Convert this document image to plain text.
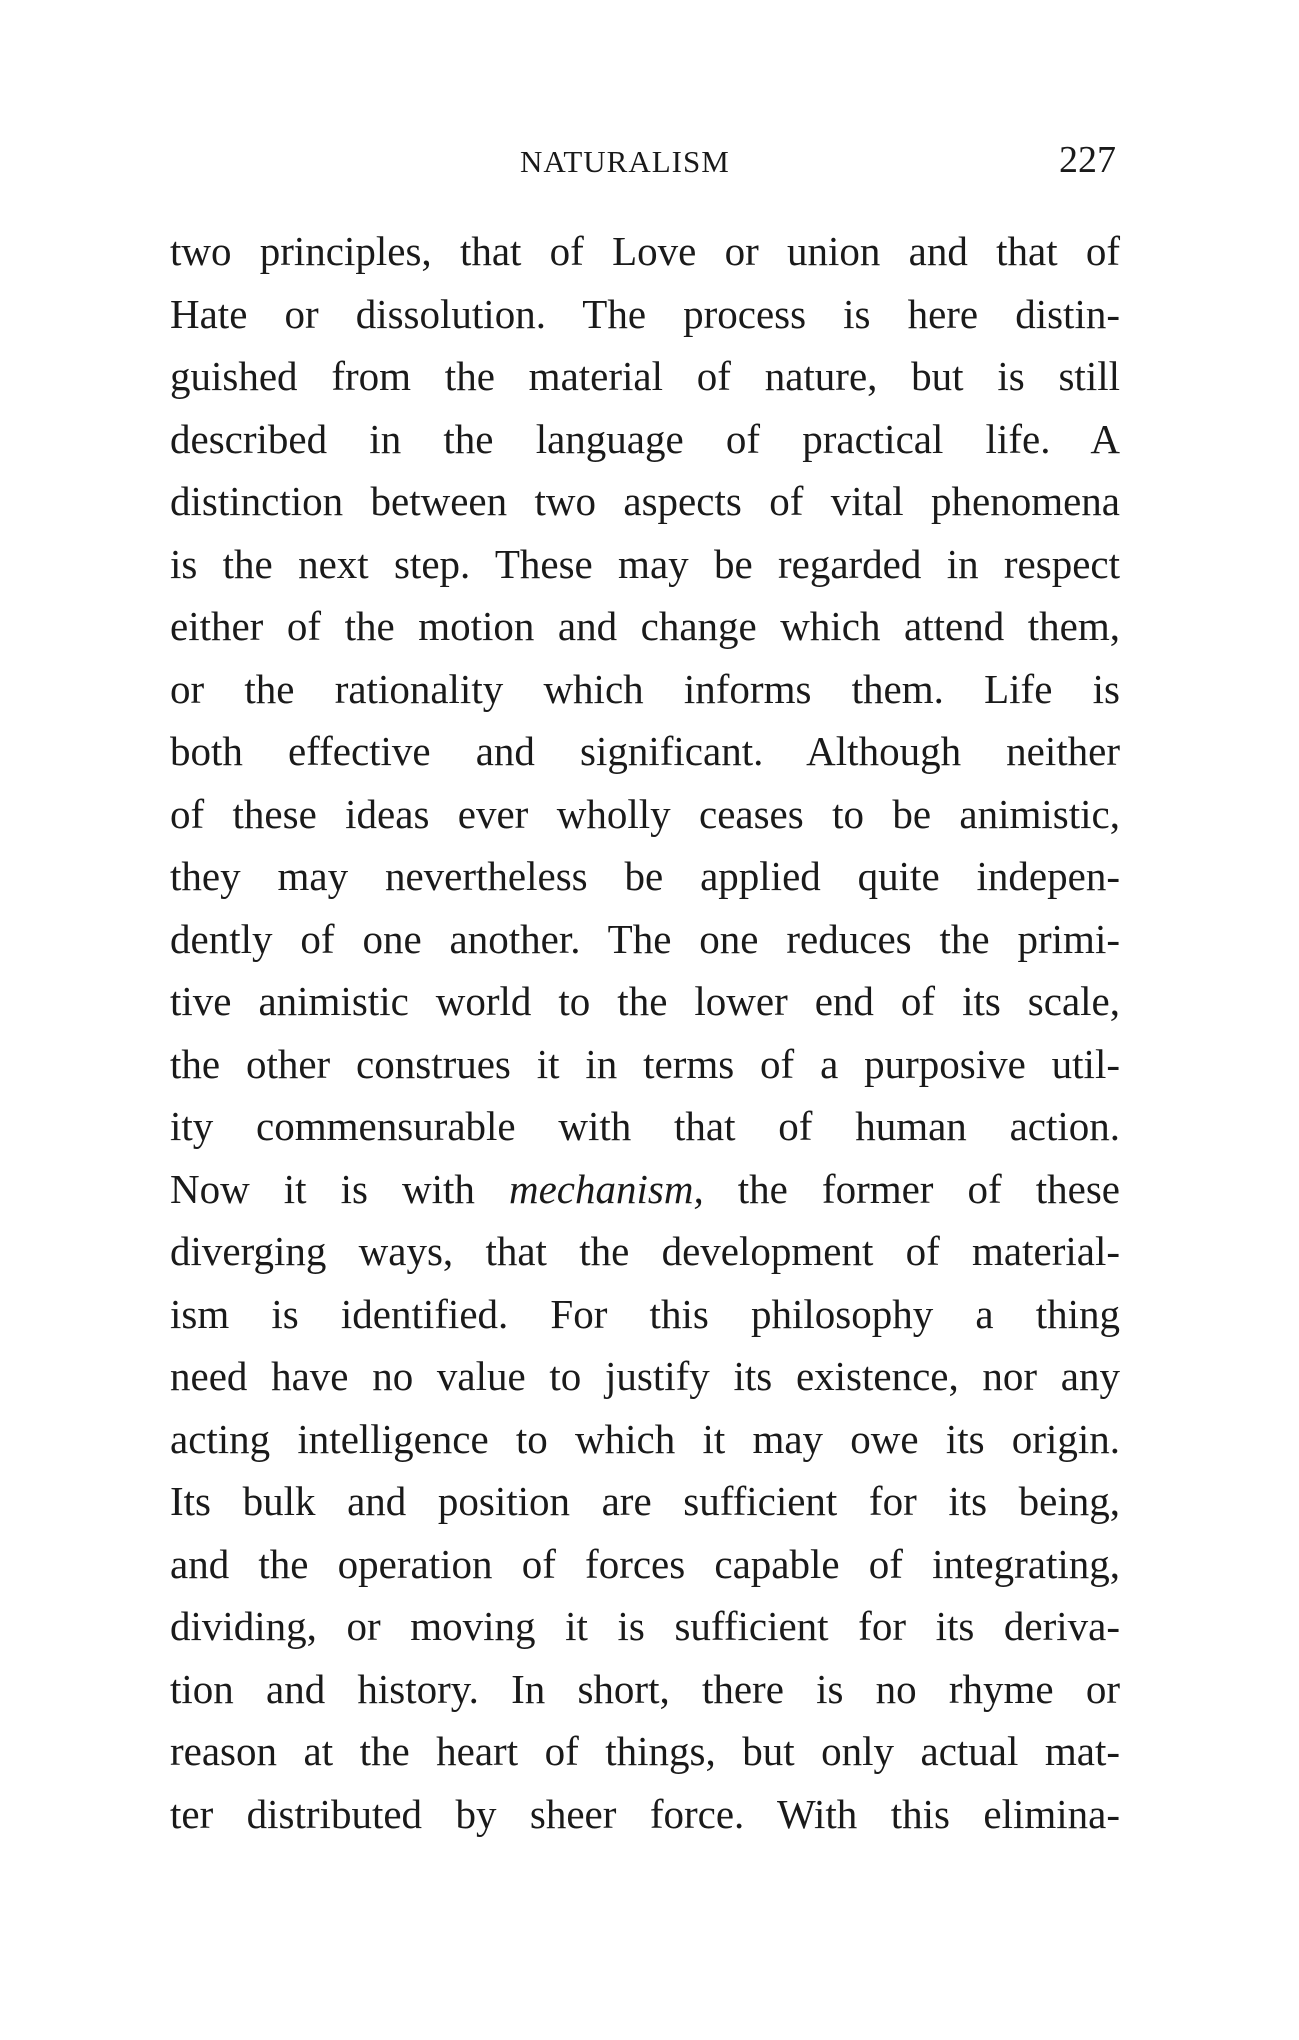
NATURALISM	227
two principles, that of Love or union and that of
Hate or dissolution. The process is here distin-
guished from the material of nature, but is still
described in the language of practical life. A
distinction between two aspects of vital phenomena
is the next step. These may be regarded in respect
either of the motion and change which attend them,
or the rationality which informs them. Life is
both effective and significant. Although neither
of these ideas ever wholly ceases to be animistic,
they may nevertheless be applied quite indepen-
dently of one another. The one reduces the primi-
tive animistic world to the lower end of its scale,
the other construes it in terms of a purposive util-
ity commensurable with that of human action.
Now it is with mechanism, the former of these
diverging ways, that the development of material-
ism is identified. For this philosophy a thing
need have no value to justify its existence, nor any
acting intelligence to which it may owe its origin.
Its bulk and position are sufficient for its being,
and the operation of forces capable of integrating,
dividing, or moving it is sufficient for its deriva-
tion and history. In short, there is no rhyme or
reason at the heart of things, but only actual mat-
ter distributed by sheer force. With this elimina-
